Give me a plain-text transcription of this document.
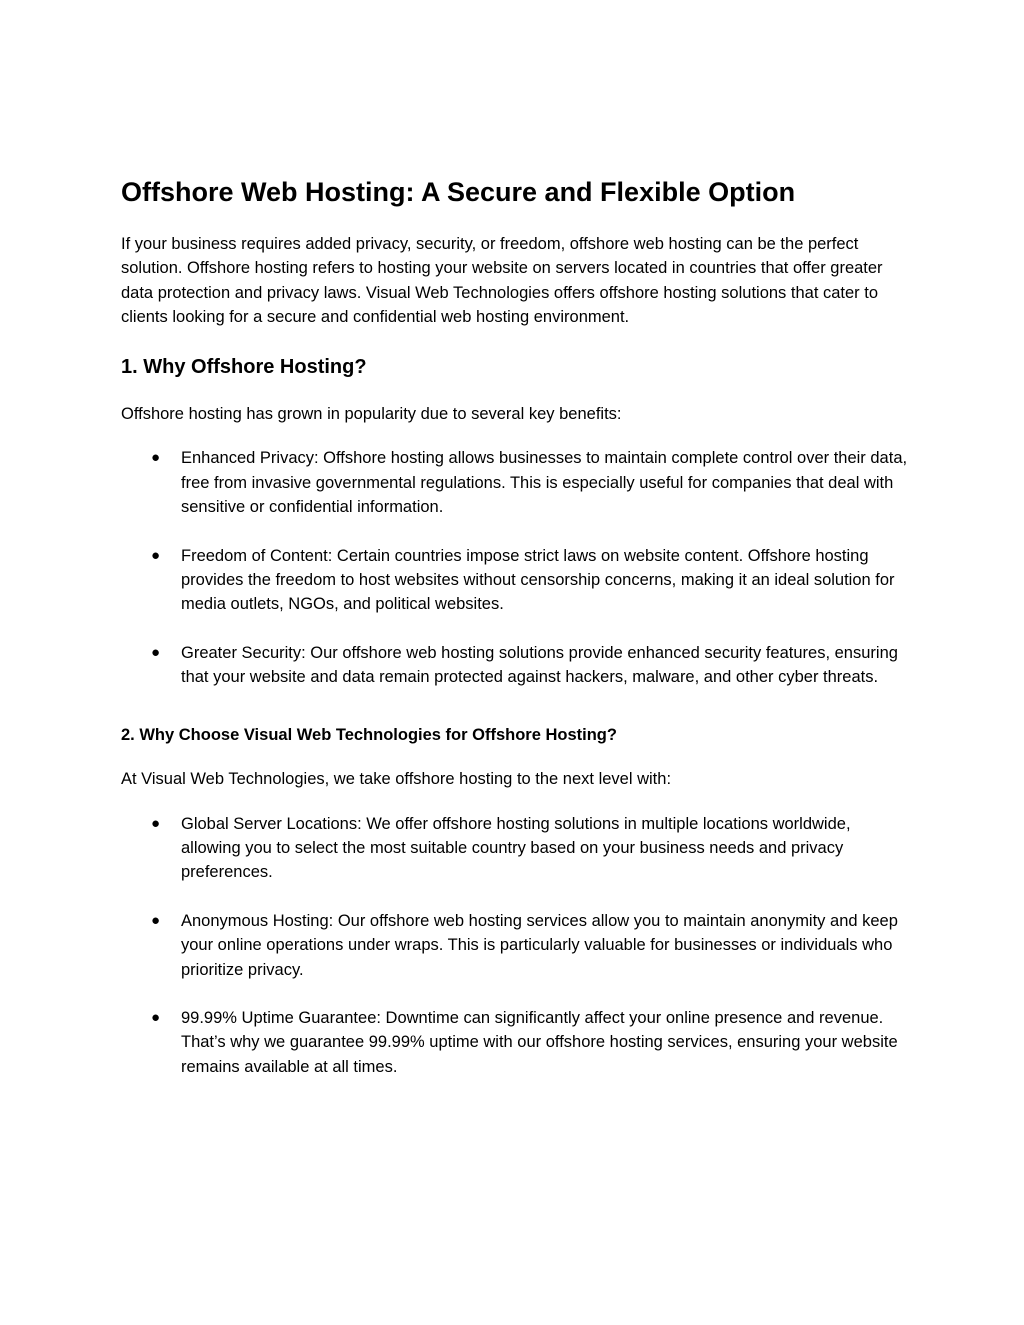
Offshore Web Hosting: A Secure and Flexible Option

If your business requires added privacy, security, or freedom, offshore web hosting can be the perfect solution. Offshore hosting refers to hosting your website on servers located in countries that offer greater data protection and privacy laws. Visual Web Technologies offers offshore hosting solutions that cater to clients looking for a secure and confidential web hosting environment.

1. Why Offshore Hosting?

Offshore hosting has grown in popularity due to several key benefits:

● Enhanced Privacy: Offshore hosting allows businesses to maintain complete control over their data, free from invasive governmental regulations. This is especially useful for companies that deal with sensitive or confidential information.
● Freedom of Content: Certain countries impose strict laws on website content. Offshore hosting provides the freedom to host websites without censorship concerns, making it an ideal solution for media outlets, NGOs, and political websites.
● Greater Security: Our offshore web hosting solutions provide enhanced security features, ensuring that your website and data remain protected against hackers, malware, and other cyber threats.
2. Why Choose Visual Web Technologies for Offshore Hosting?

At Visual Web Technologies, we take offshore hosting to the next level with:

● Global Server Locations: We offer offshore hosting solutions in multiple locations worldwide, allowing you to select the most suitable country based on your business needs and privacy preferences.
● Anonymous Hosting: Our offshore web hosting services allow you to maintain anonymity and keep your online operations under wraps. This is particularly valuable for businesses or individuals who prioritize privacy.
● 99.99% Uptime Guarantee: Downtime can significantly affect your online presence and revenue. That’s why we guarantee 99.99% uptime with our offshore hosting services, ensuring your website remains available at all times.
